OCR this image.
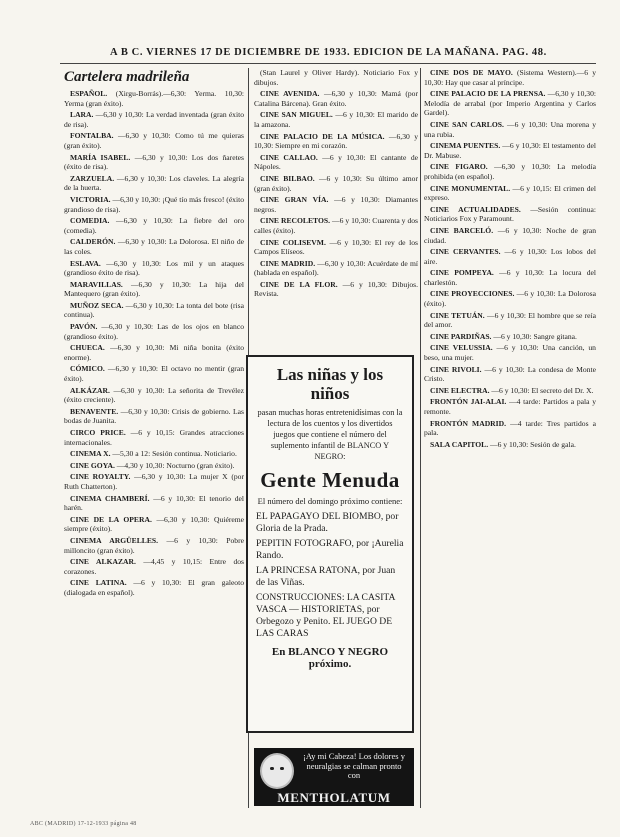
A B C. VIERNES 17 DE DICIEMBRE DE 1933. EDICION DE LA MAÑANA. PAG. 48.
Cartelera madrileña
ESPAÑOL. (Xirgu-Borrás).—6,30: Yerma. 10,30: Yerma (gran éxito).
LARA. —6,30 y 10,30: La verdad inventada (gran éxito de risa).
FONTALBA. —6,30 y 10,30: Como tú me quieras (gran éxito).
MARÍA ISABEL. —6,30 y 10,30: Los dos ñaretes (éxito de risa).
ZARZUELA. —6,30 y 10,30: Los claveles. La alegría de la huerta.
VICTORIA. —6,30 y 10,30: ¡Qué tío más fresco! (éxito grandioso de risa).
COMEDIA. —6,30 y 10,30: La fiebre del oro (comedia).
CALDERÓN. —6,30 y 10,30: La Dolorosa. El niño de las coles.
ESLAVA. —6,30 y 10,30: Los mil y un ataques (grandioso éxito de risa).
MARAVILLAS. —6,30 y 10,30: La hija del Mantequero (gran éxito).
MUÑOZ SECA. —6,30 y 10,30: La tonta del bote (risa continua).
PAVÓN. —6,30 y 10,30: Las de los ojos en blanco (grandioso éxito).
CHUECA. —6,30 y 10,30: Mi niña bonita (éxito enorme).
CÓMICO. —6,30 y 10,30: El octavo no mentir (gran éxito).
ALKÁZAR. —6,30 y 10,30: La señorita de Trevélez (éxito creciente).
BENAVENTE. —6,30 y 10,30: Crisis de gobierno. Las bodas de Juanita.
CIRCO PRICE. —6 y 10,15: Grandes atracciones internacionales.
CINEMA X. —5,30 a 12: Sesión continua. Noticiario.
CINE GOYA. —4,30 y 10,30: Nocturno (gran éxito).
CINE ROYALTY. —6,30 y 10,30: La mujer X (por Ruth Chatterton).
CINEMA CHAMBERÍ. —6 y 10,30: El tenorio del harén.
CINE DE LA OPERA. —6,30 y 10,30: Quiéreme siempre (éxito).
CINEMA ARGÜELLES. —6 y 10,30: Pobre milloncito (gran éxito).
CINE ALKAZAR. —4,45 y 10,15: Entre dos corazones.
CINE LATINA. —6 y 10,30: El gran galeoto (dialogada en español).
(Stan Laurel y Oliver Hardy). Noticiario Fox y dibujos.
CINE AVENIDA. —6,30 y 10,30: Mamá (por Catalina Bárcena). Gran éxito.
CINE SAN MIGUEL. —6 y 10,30: El marido de la amazona.
CINE PALACIO DE LA MÚSICA. —6,30 y 10,30: Siempre en mi corazón.
CINE CALLAO. —6 y 10,30: El cantante de Nápoles.
CINE BILBAO. —6 y 10,30: Su último amor (gran éxito).
CINE GRAN VÍA. —6 y 10,30: Diamantes negros.
CINE RECOLETOS. —6 y 10,30: Cuarenta y dos calles (éxito).
CINE COLISEVM. —6 y 10,30: El rey de los Campos Elíseos.
CINE MADRID. —6,30 y 10,30: Acuérdate de mí (hablada en español).
CINE DE LA FLOR. —6 y 10,30: Dibujos. Revista.
CINE DOS DE MAYO. (Sistema Western).—6 y 10,30: Hay que casar al príncipe.
CINE PALACIO DE LA PRENSA. —6,30 y 10,30: Melodía de arrabal (por Imperio Argentina y Carlos Gardel).
CINE SAN CARLOS. —6 y 10,30: Una morena y una rubia.
CINEMA PUENTES. —6 y 10,30: El testamento del Dr. Mabuse.
CINE FIGARO. —6,30 y 10,30: La melodía prohibida (en español).
CINE MONUMENTAL. —6 y 10,15: El crimen del expreso.
CINE ACTUALIDADES. —Sesión continua: Noticiarios Fox y Paramount.
CINE BARCELÓ. —6 y 10,30: Noche de gran ciudad.
CINE CERVANTES. —6 y 10,30: Los lobos del aire.
CINE POMPEYA. —6 y 10,30: La locura del charlestón.
CINE PROYECCIONES. —6 y 10,30: La Dolorosa (éxito).
CINE TETUÁN. —6 y 10,30: El hombre que se reía del amor.
CINE PARDIÑAS. —6 y 10,30: Sangre gitana.
CINE VELUSSIA. —6 y 10,30: Una canción, un beso, una mujer.
CINE RIVOLI. —6 y 10,30: La condesa de Monte Cristo.
CINE ELECTRA. —6 y 10,30: El secreto del Dr. X.
FRONTÓN JAI-ALAI. —4 tarde: Partidos a pala y remonte.
FRONTÓN MADRID. —4 tarde: Tres partidos a pala.
SALA CAPITOL. —6 y 10,30: Sesión de gala.
Las niñas y los niños
pasan muchas horas entretenidísimas con la lectura de los cuentos y los divertidos juegos que contiene el número del suplemento infantil de BLANCO Y NEGRO:
Gente Menuda
El número del domingo próximo contiene:
EL PAPAGAYO DEL BIOMBO, por Gloria de la Prada.
PEPITIN FOTOGRAFO, por ¡Aurelia Rando.
LA PRINCESA RATONA, por Juan de las Viñas.
CONSTRUCCIONES: LA CASITA VASCA — HISTORIETAS, por Orbegozo y Penito. EL JUEGO DE LAS CARAS
En BLANCO Y NEGRO próximo.
¡Ay mi Cabeza! Los dolores y neuralgias se calman pronto con
MENTHOLATUM
ABC (MADRID) 17-12-1933 página 48
